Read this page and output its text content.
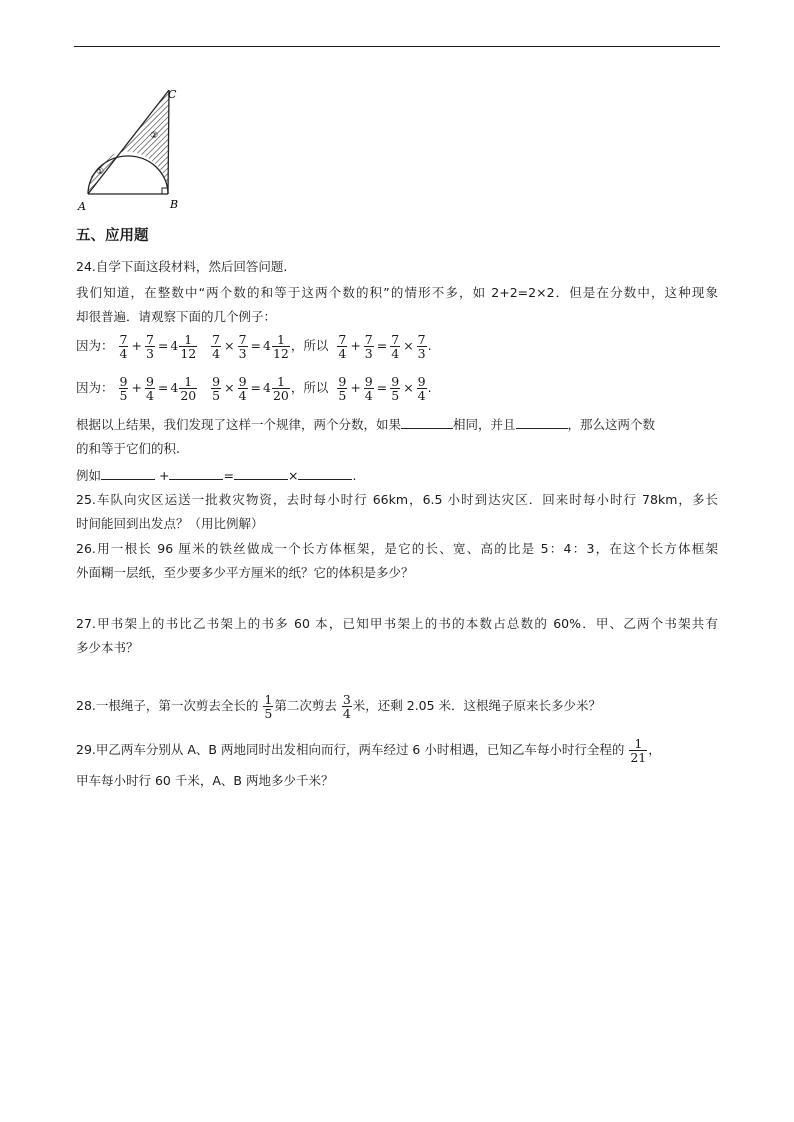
A	B
C
①
②
五、应用题
24.自学下面这段材料，然后回答问题.
我们知道，在整数中“两个数的和等于这两个数的积”的情形不多，如 2+2=2×2．但是在分数中，这种现象
却很普遍．请观察下面的几个例子：
因为： $\frac{7}{4} + \frac{7}{3} = 4 \frac{1}{12}$
$\frac{7}{4} \times \frac{7}{3} = 4 \frac{1}{12}$ ，所以 $\frac{7}{4} + \frac{7}{3} = \frac{7}{4} \times \frac{7}{3}$ .
因为： $\frac{9}{5} + \frac{9}{4} = 4 \frac{1}{20}$
$\frac{9}{5} \times \frac{9}{4} = 4 \frac{1}{20}$ ，所以 $\frac{9}{5} + \frac{9}{4} = \frac{9}{5} \times \frac{9}{4}$ .
根据以上结果，我们发现了这样一个规律，两个分数，如果	相同，并且	，那么这两个数
的和等于它们的积.
例如	+	=	×	.
25.车队向灾区运送一批救灾物资，去时每小时行 66km，6.5 小时到达灾区．回来时每小时行 78km，多长
时间能回到出发点？（用比例解）
26.用一根长 96 厘米的铁丝做成一个长方体框架，是它的长、宽、高的比是 5：4：3，在这个长方体框架
外面糊一层纸，至少要多少平方厘米的纸？它的体积是多少？
27.甲书架上的书比乙书架上的书多 60 本，已知甲书架上的书的本数占总数的 60%．甲、乙两个书架共有
多少本书？
28.一根绳子，第一次剪去全长的 $\frac{1}{5}$ 第二次剪去 $\frac{3}{4}$ 米，还剩 2.05 米．这根绳子原来长多少米？
29.甲乙两车分别从 A、B 两地同时出发相向而行，两车经过 6 小时相遇，已知乙车每小时行全程的 $\frac{1}{21}$ ，
甲车每小时行 60 千米，A、B 两地多少千米？
